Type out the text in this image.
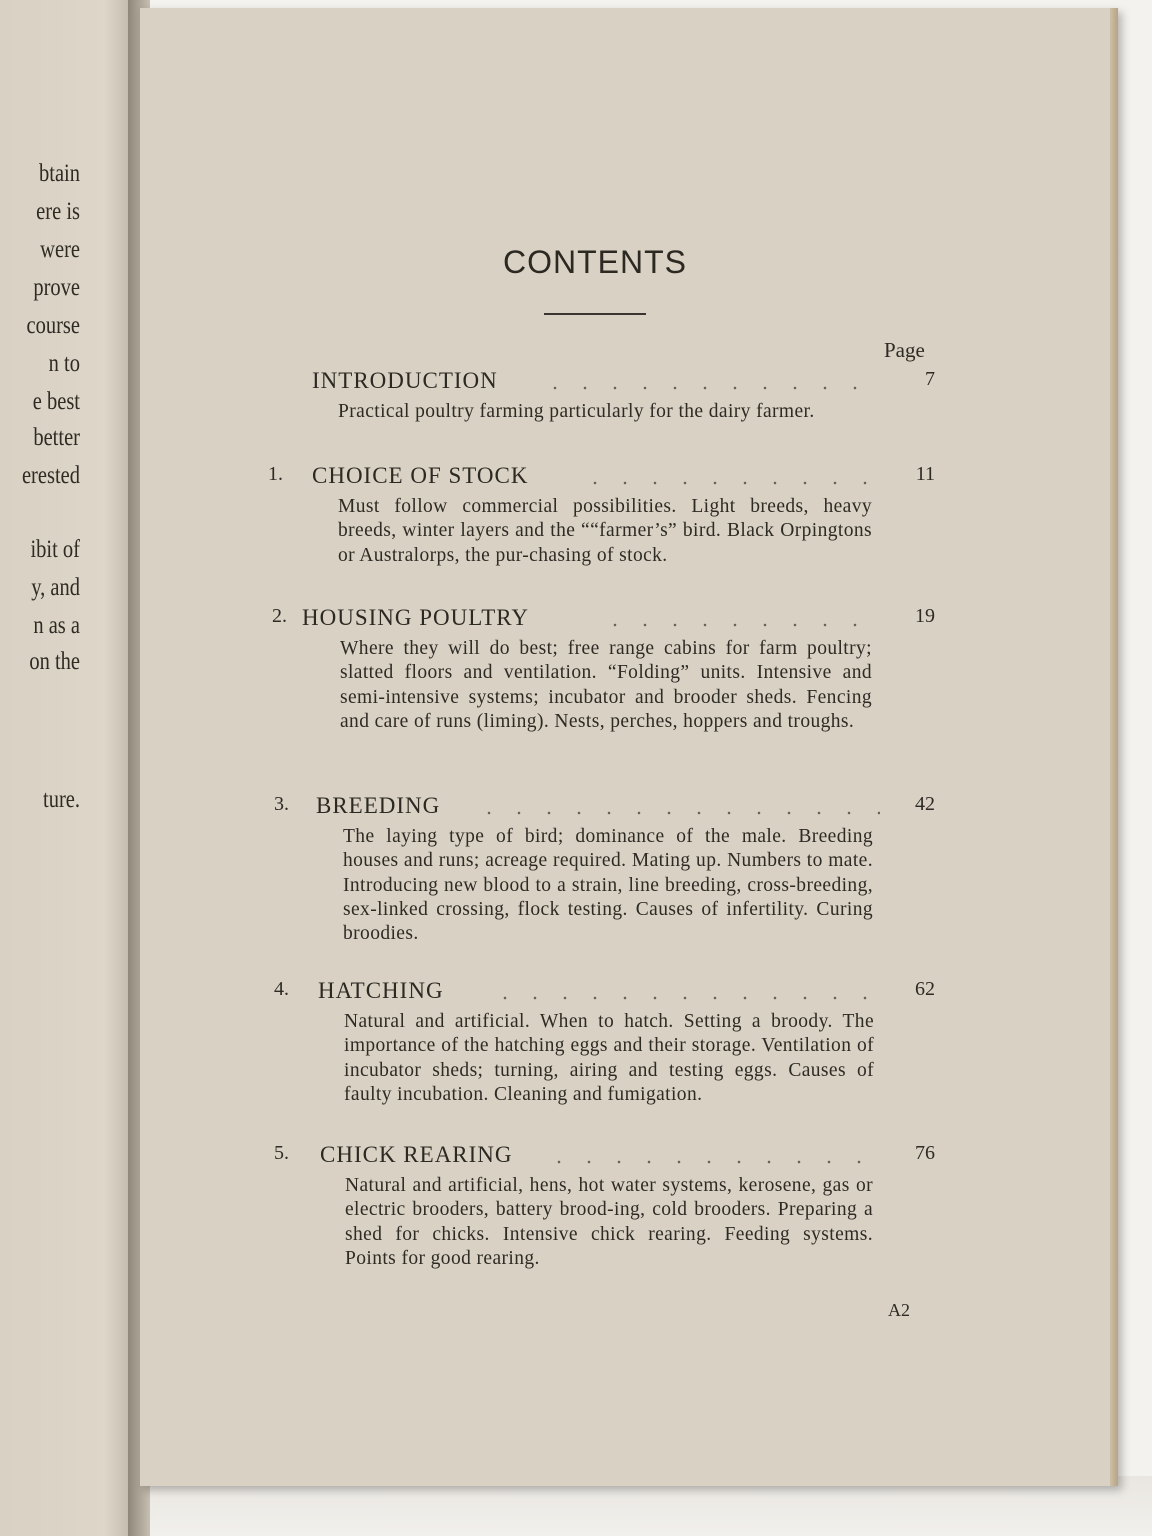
btain
ere is
were
prove
course
n to
e best
better
erested
ibit of
y, and
n as a
on the
ture.
CONTENTS
Page
INTRODUCTION	7
Practical poultry farming particularly for the dairy farmer.
1. CHOICE OF STOCK	11
Must follow commercial possibilities. Light breeds, heavy breeds, winter layers and the ““farmer’s” bird. Black Orpingtons or Australorps, the pur-chasing of stock.
2. HOUSING POULTRY	19
Where they will do best; free range cabins for farm poultry; slatted floors and ventilation. “Folding” units. Intensive and semi-intensive systems; incubator and brooder sheds. Fencing and care of runs (liming). Nests, perches, hoppers and troughs.
3. BREEDING	42
The laying type of bird; dominance of the male. Breeding houses and runs; acreage required. Mating up. Numbers to mate. Introducing new blood to a strain, line breeding, cross-breeding, sex-linked crossing, flock testing. Causes of infertility. Curing broodies.
4. HATCHING	62
Natural and artificial. When to hatch. Setting a broody. The importance of the hatching eggs and their storage. Ventilation of incubator sheds; turning, airing and testing eggs. Causes of faulty incubation. Cleaning and fumigation.
5. CHICK REARING	76
Natural and artificial, hens, hot water systems, kerosene, gas or electric brooders, battery brood-ing, cold brooders. Preparing a shed for chicks. Intensive chick rearing. Feeding systems. Points for good rearing.
A2
